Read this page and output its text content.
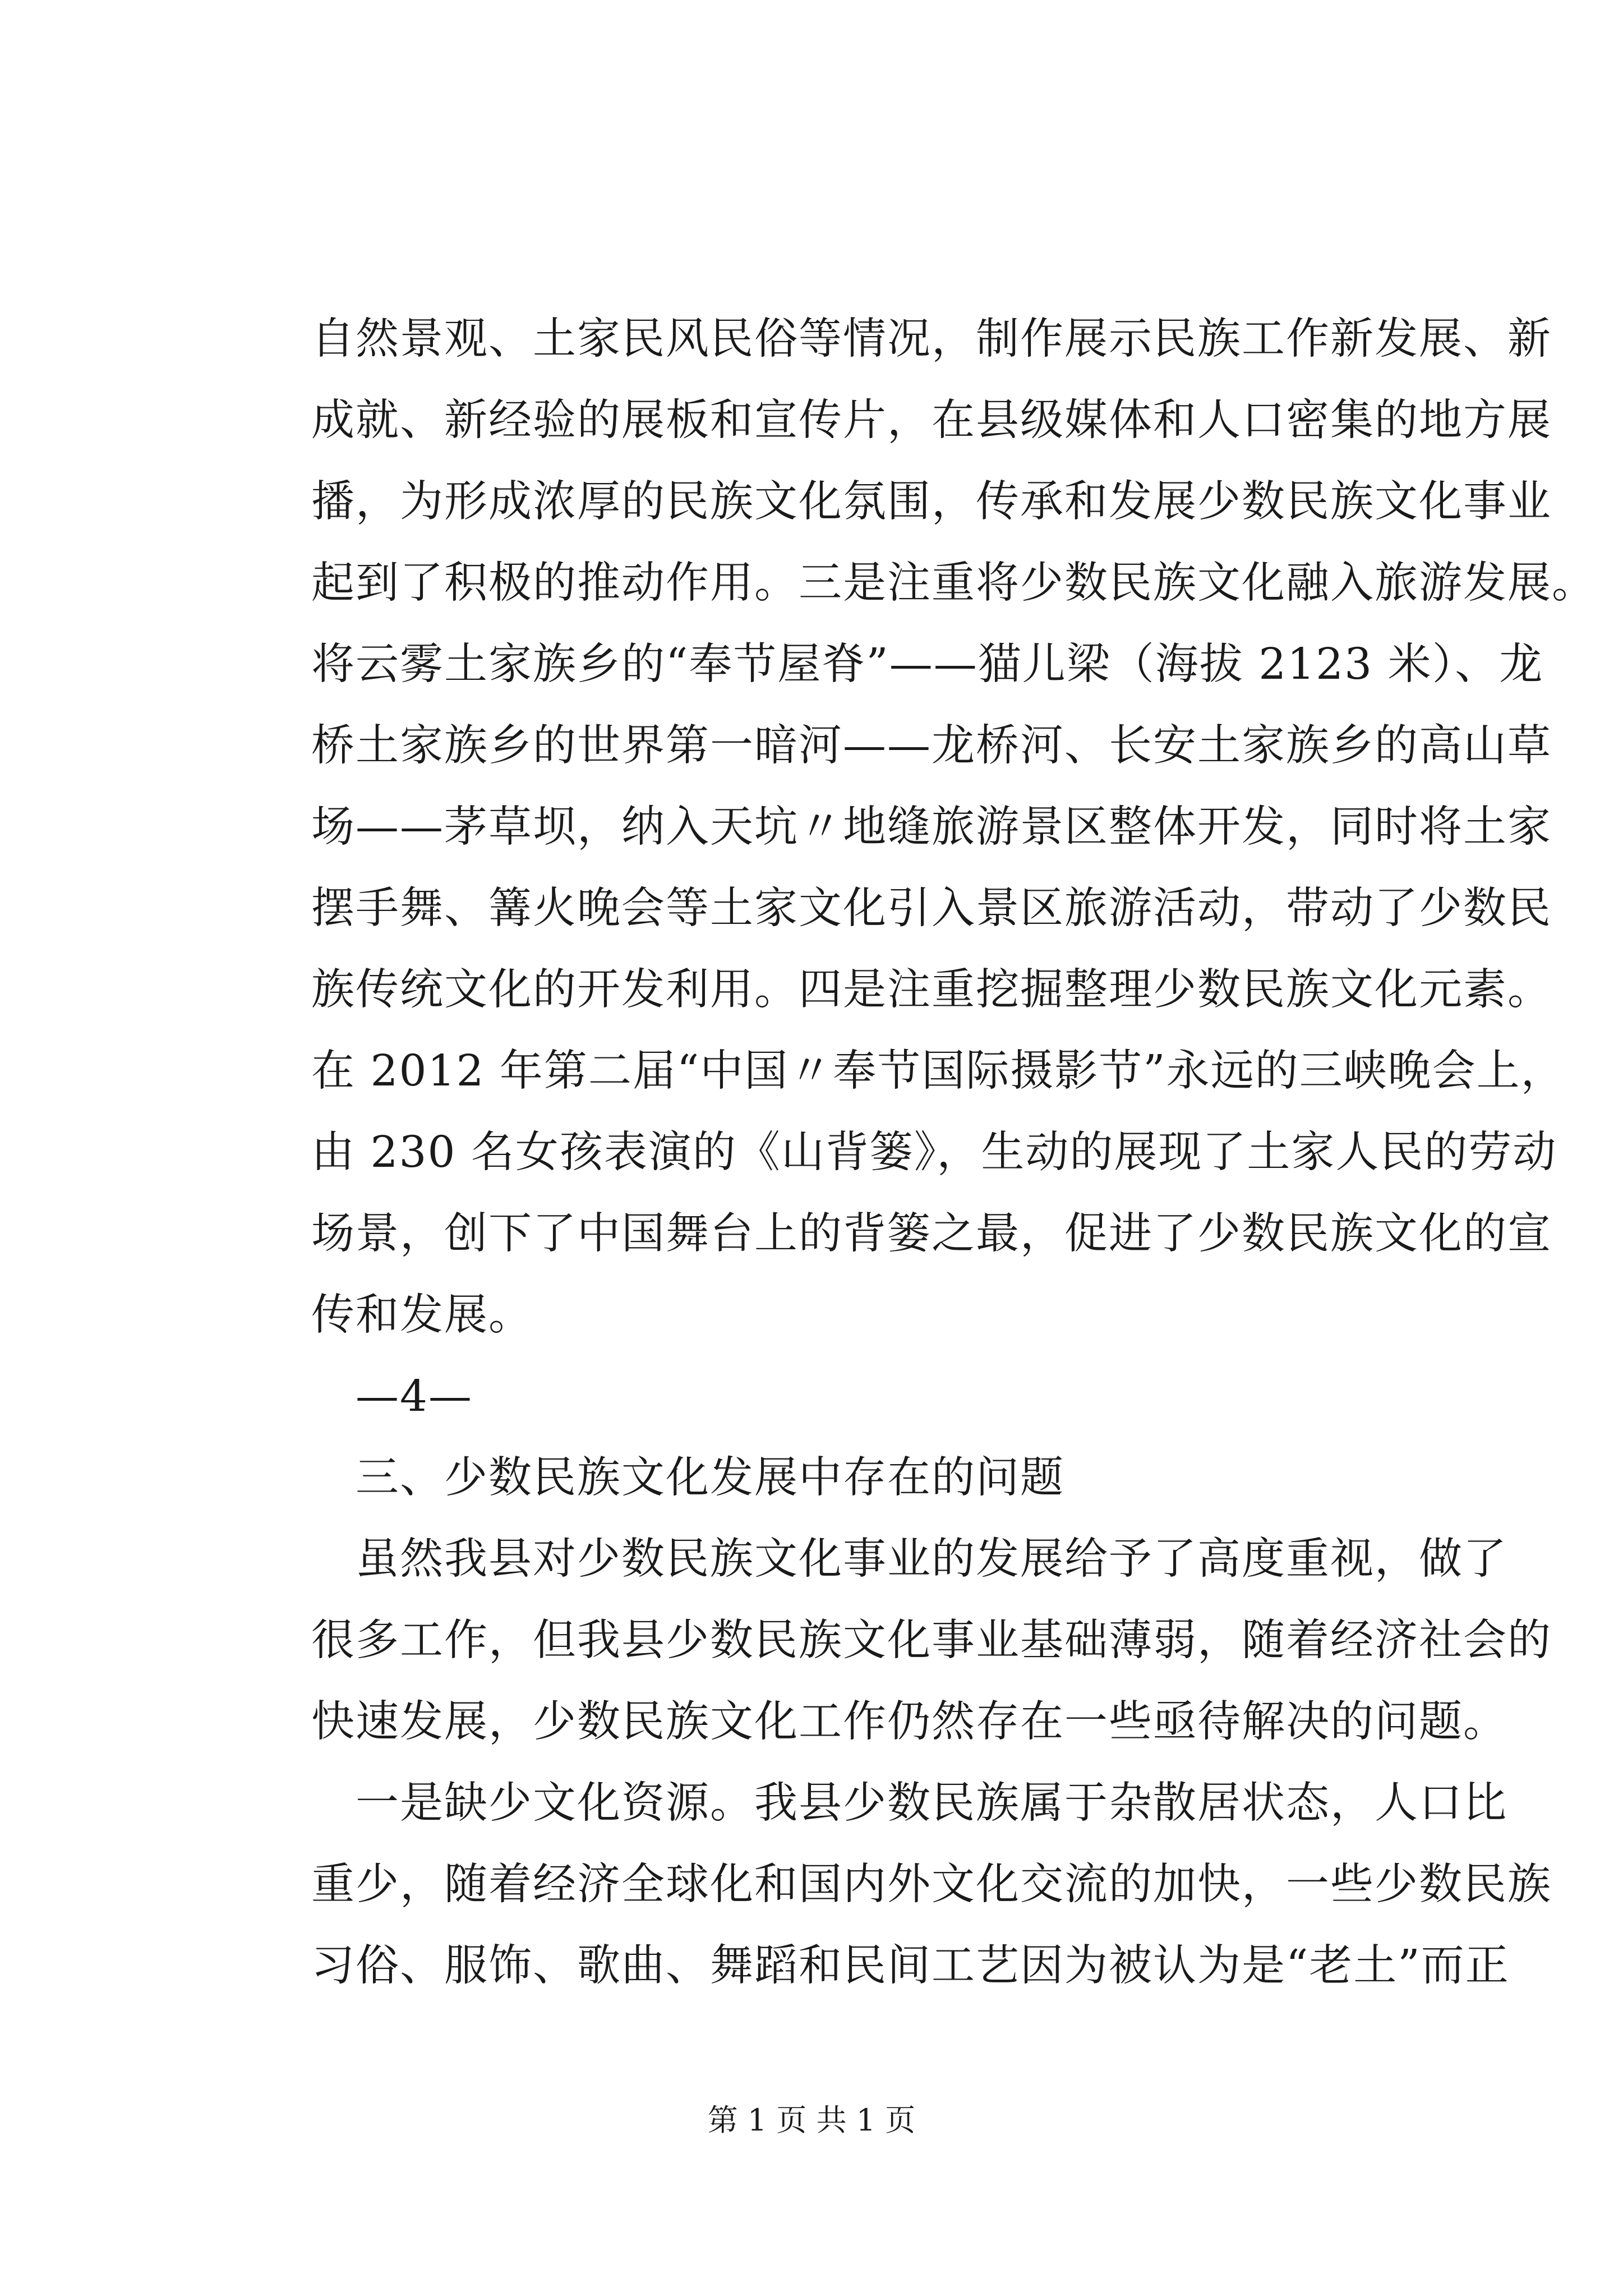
自然景观、土家民风民俗等情况，制作展示民族工作新发展、新

成就、新经验的展板和宣传片，在县级媒体和人口密集的地方展

播，为形成浓厚的民族文化氛围，传承和发展少数民族文化事业

起到了积极的推动作用。三是注重将少数民族文化融入旅游发展。

将云雾土家族乡的“奉节屋脊”——猫儿梁（海拔 2123 米）、龙

桥土家族乡的世界第一暗河——龙桥河、长安土家族乡的高山草

场——茅草坝，纳入天坑〃地缝旅游景区整体开发，同时将土家

摆手舞、篝火晚会等土家文化引入景区旅游活动，带动了少数民

族传统文化的开发利用。四是注重挖掘整理少数民族文化元素。

在 2012 年第二届“中国〃奉节国际摄影节”永远的三峡晚会上，

由 230 名女孩表演的《山背篓》，生动的展现了土家人民的劳动

场景，创下了中国舞台上的背篓之最，促进了少数民族文化的宣

传和发展。

　—4—

　三、少数民族文化发展中存在的问题

　虽然我县对少数民族文化事业的发展给予了高度重视，做了

很多工作，但我县少数民族文化事业基础薄弱，随着经济社会的

快速发展，少数民族文化工作仍然存在一些亟待解决的问题。

　一是缺少文化资源。我县少数民族属于杂散居状态，人口比

重少，随着经济全球化和国内外文化交流的加快，一些少数民族

习俗、服饰、歌曲、舞蹈和民间工艺因为被认为是“老土”而正

第 1 页 共 1 页
